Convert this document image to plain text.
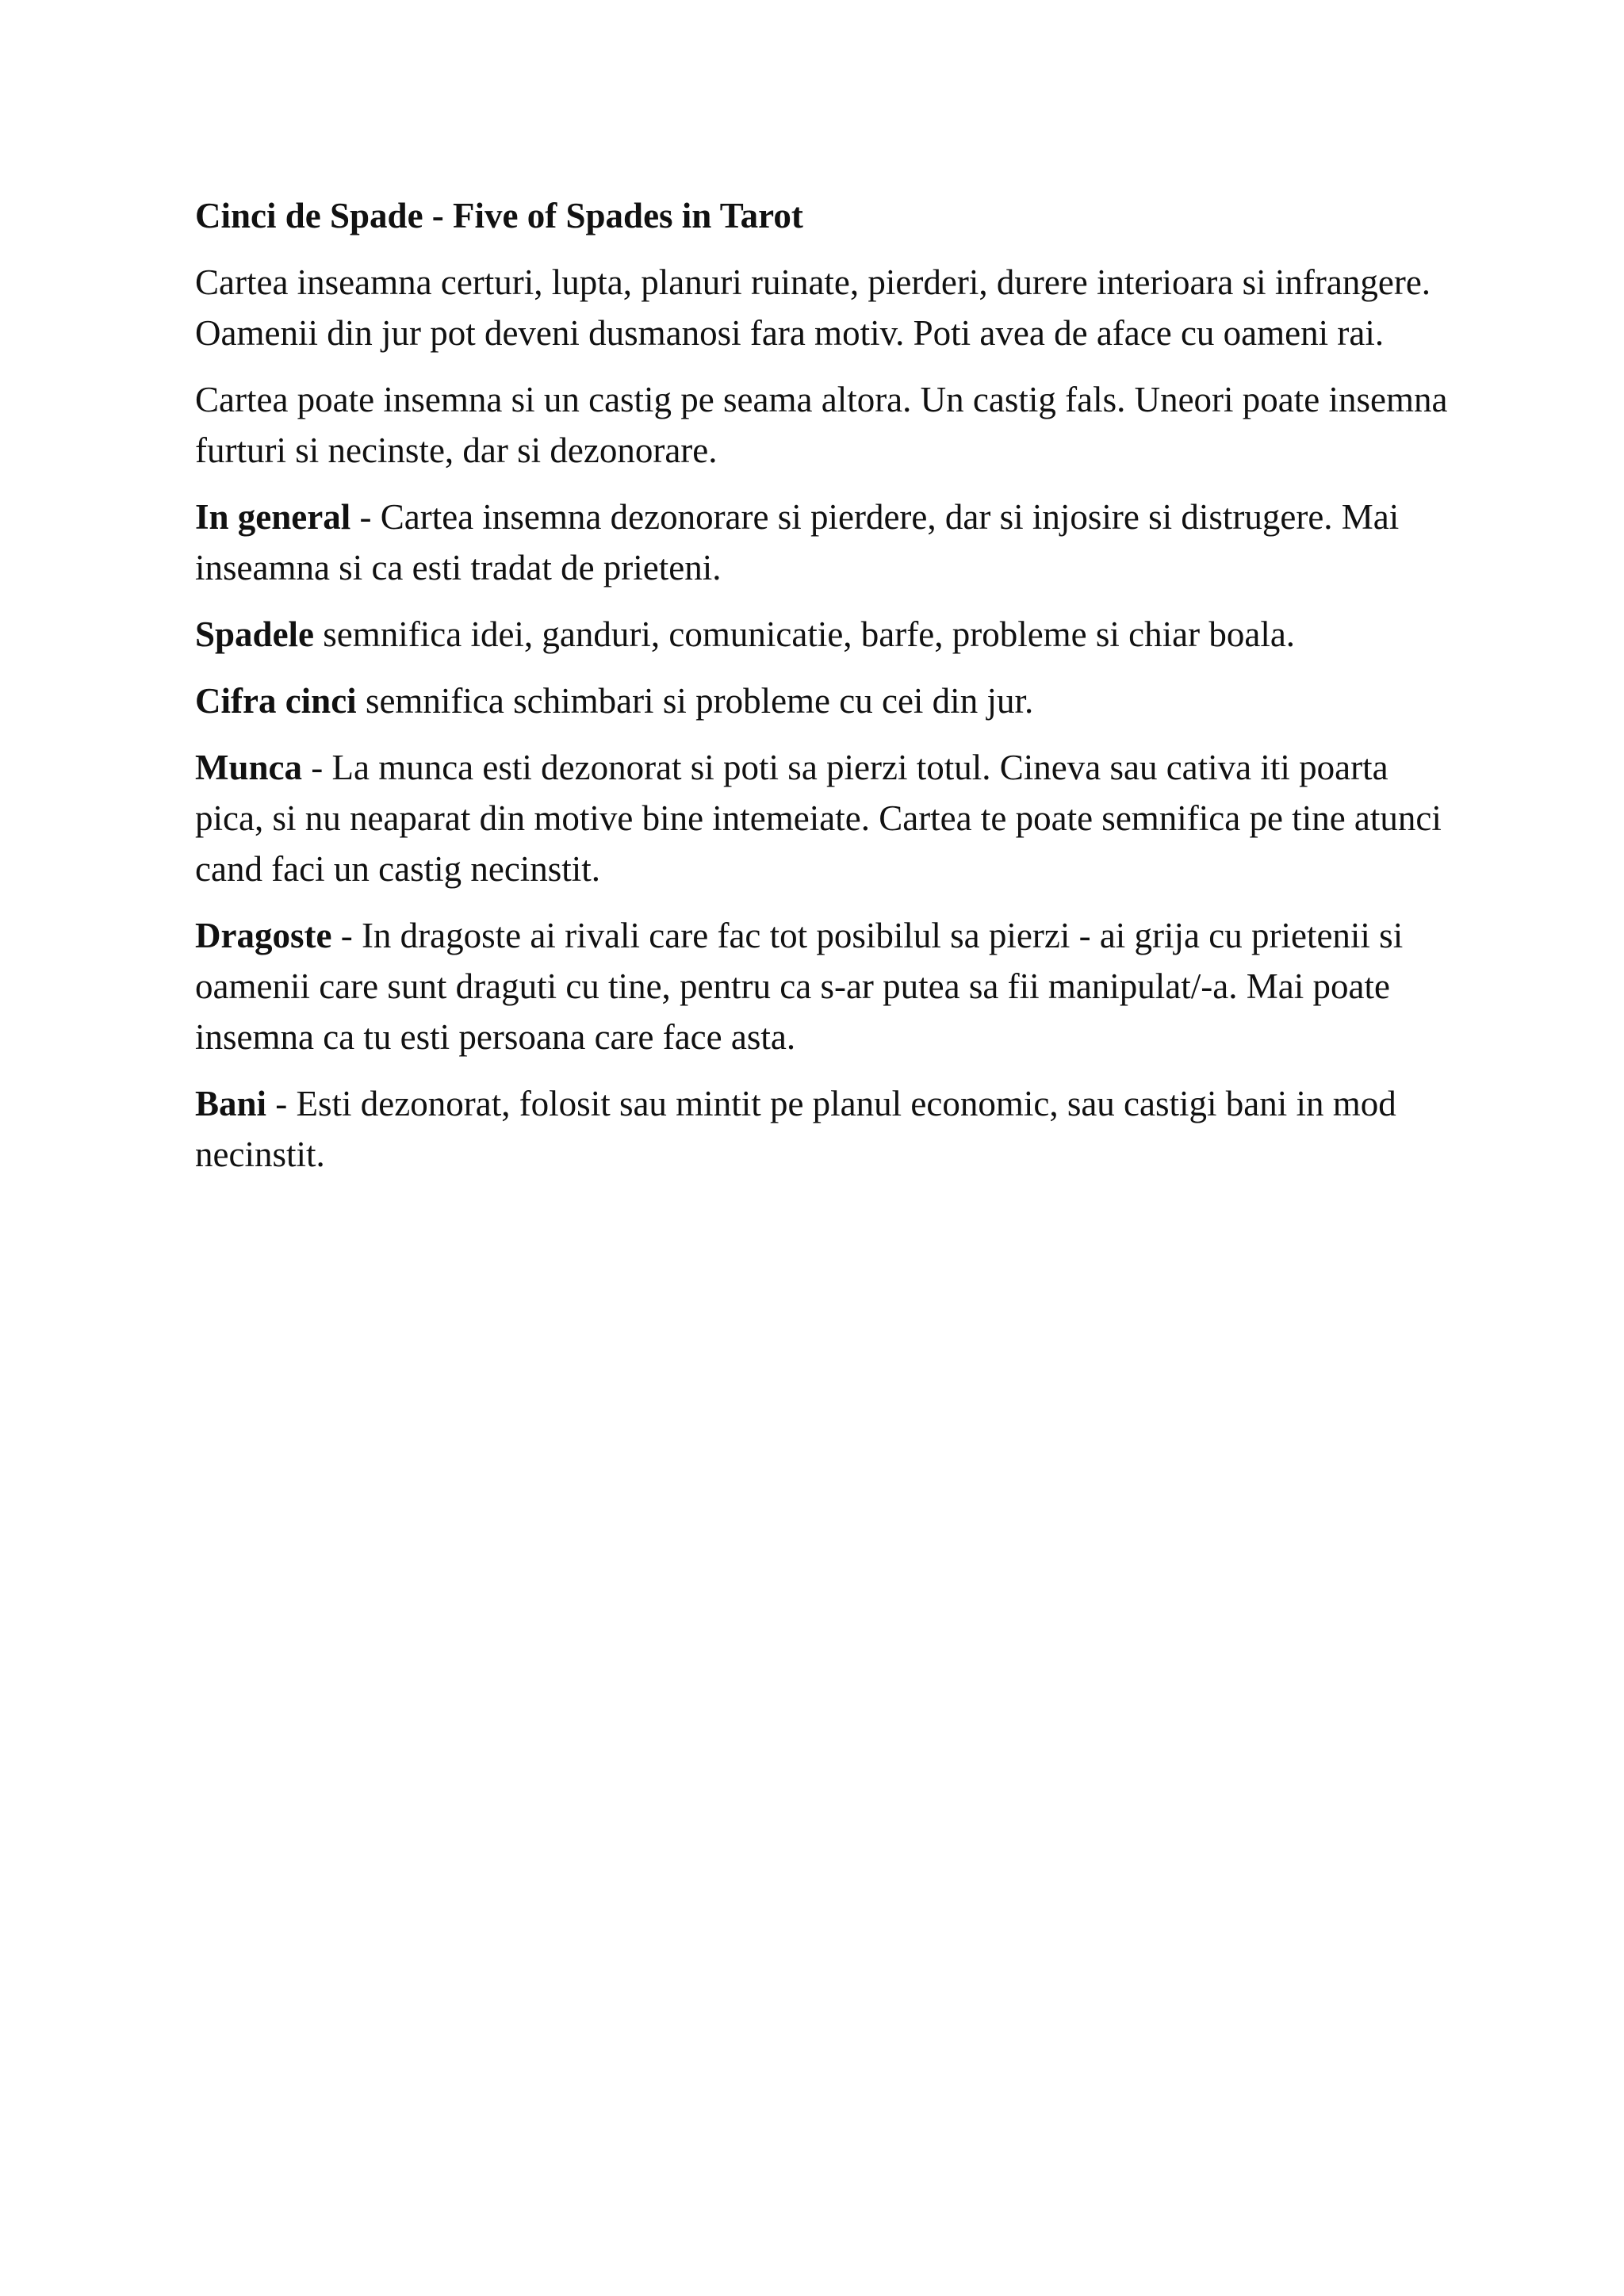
Cinci de Spade - Five of Spades in Tarot

Cartea inseamna certuri, lupta, planuri ruinate, pierderi, durere interioara si infrangere. Oamenii din jur pot deveni dusmanosi fara motiv. Poti avea de aface cu oameni rai.

Cartea poate insemna si un castig pe seama altora. Un castig fals. Uneori poate insemna furturi si necinste, dar si dezonorare.

In general - Cartea insemna dezonorare si pierdere, dar si injosire si distrugere. Mai inseamna si ca esti tradat de prieteni.

Spadele semnifica idei, ganduri, comunicatie, barfe, probleme si chiar boala.

Cifra cinci semnifica schimbari si probleme cu cei din jur.

Munca - La munca esti dezonorat si poti sa pierzi totul. Cineva sau cativa iti poarta pica, si nu neaparat din motive bine intemeiate. Cartea te poate semnifica pe tine atunci cand faci un castig necinstit.

Dragoste - In dragoste ai rivali care fac tot posibilul sa pierzi - ai grija cu prietenii si oamenii care sunt draguti cu tine, pentru ca s-ar putea sa fii manipulat/-a. Mai poate insemna ca tu esti persoana care face asta.

Bani - Esti dezonorat, folosit sau mintit pe planul economic, sau castigi bani in mod necinstit.
